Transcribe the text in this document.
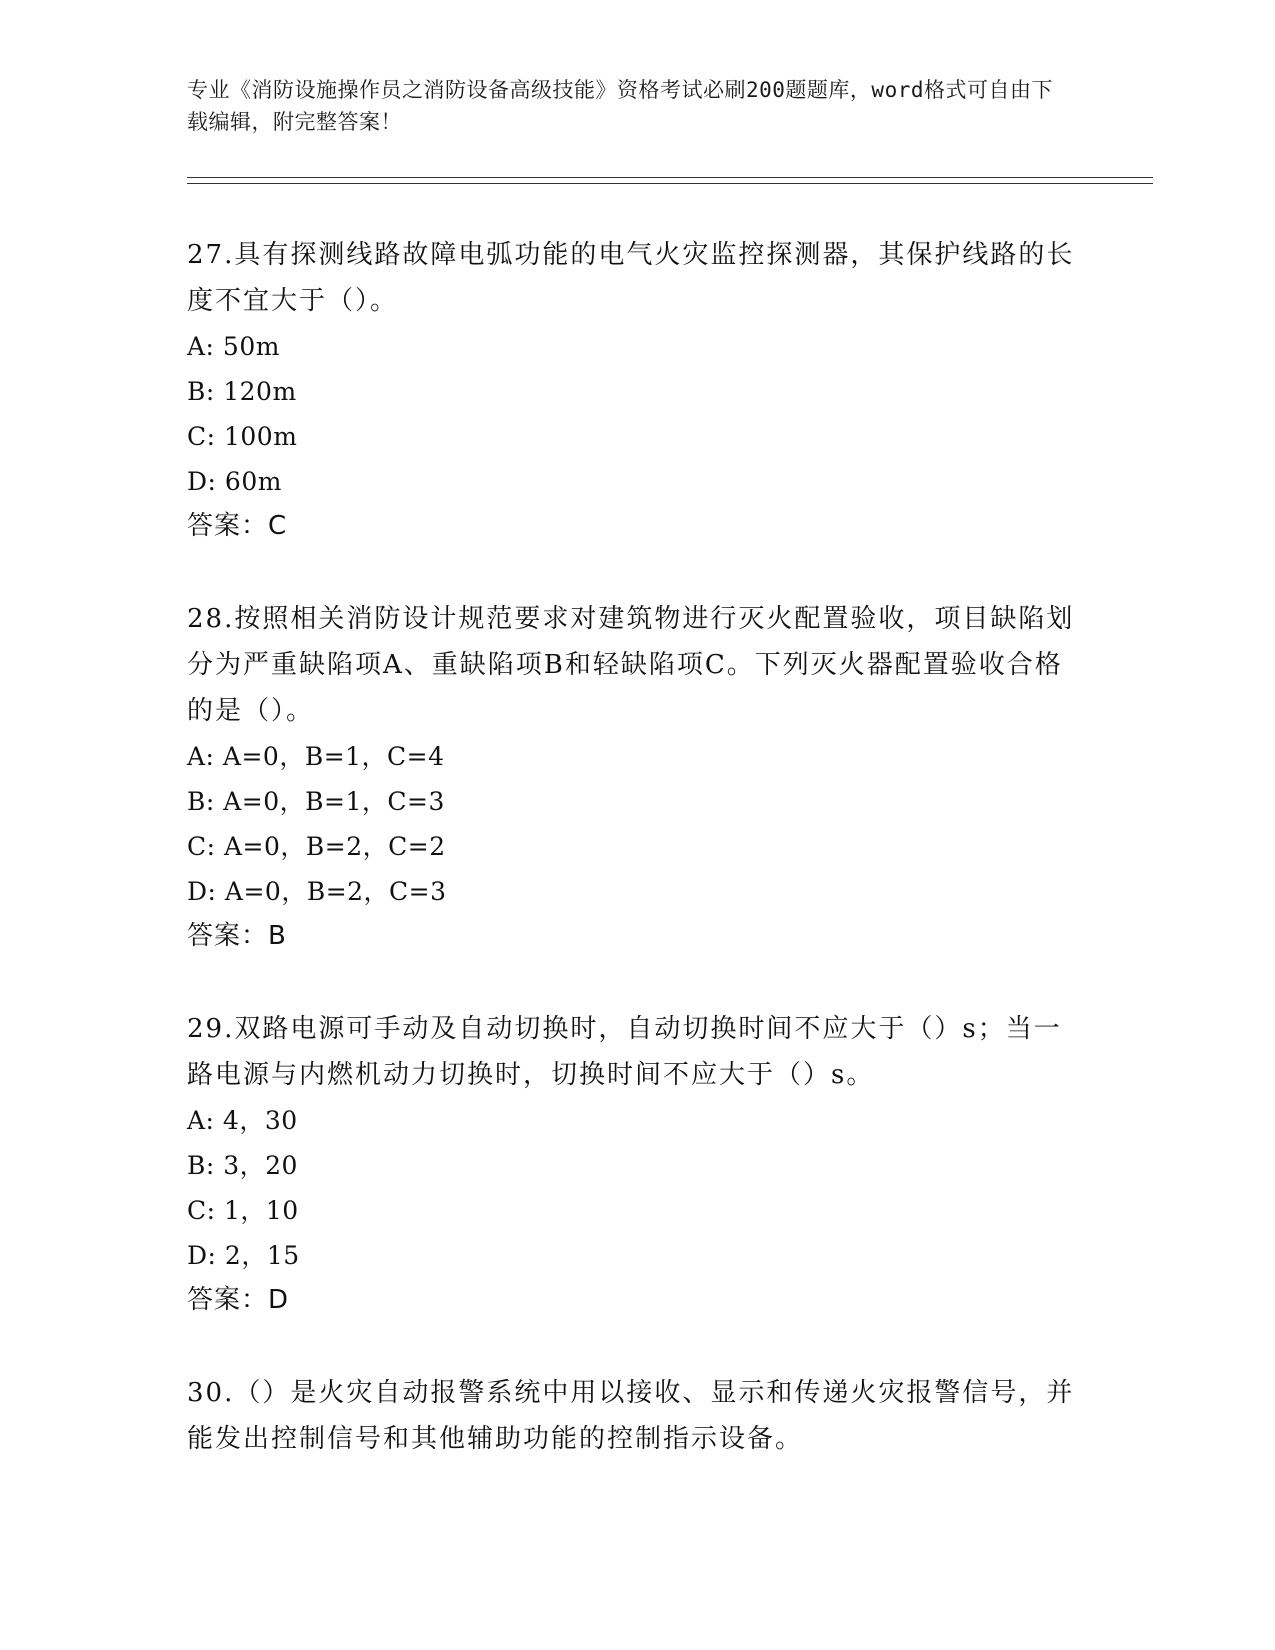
专业《消防设施操作员之消防设备高级技能》资格考试必刷200题题库，word格式可自由下载编辑，附完整答案！

27.具有探测线路故障电弧功能的电气火灾监控探测器，其保护线路的长度不宜大于（）。

A: 50m

B: 120m

C: 100m

D: 60m

答案：C

28.按照相关消防设计规范要求对建筑物进行灭火配置验收，项目缺陷划分为严重缺陷项A、重缺陷项B和轻缺陷项C。下列灭火器配置验收合格的是（）。

A: A=0，B=1，C=4

B: A=0，B=1，C=3

C: A=0，B=2，C=2

D: A=0，B=2，C=3

答案：B

29.双路电源可手动及自动切换时，自动切换时间不应大于（）s；当一路电源与内燃机动力切换时，切换时间不应大于（）s。

A: 4，30

B: 3，20

C: 1，10

D: 2，15

答案：D

30.（）是火灾自动报警系统中用以接收、显示和传递火灾报警信号，并能发出控制信号和其他辅助功能的控制指示设备。
